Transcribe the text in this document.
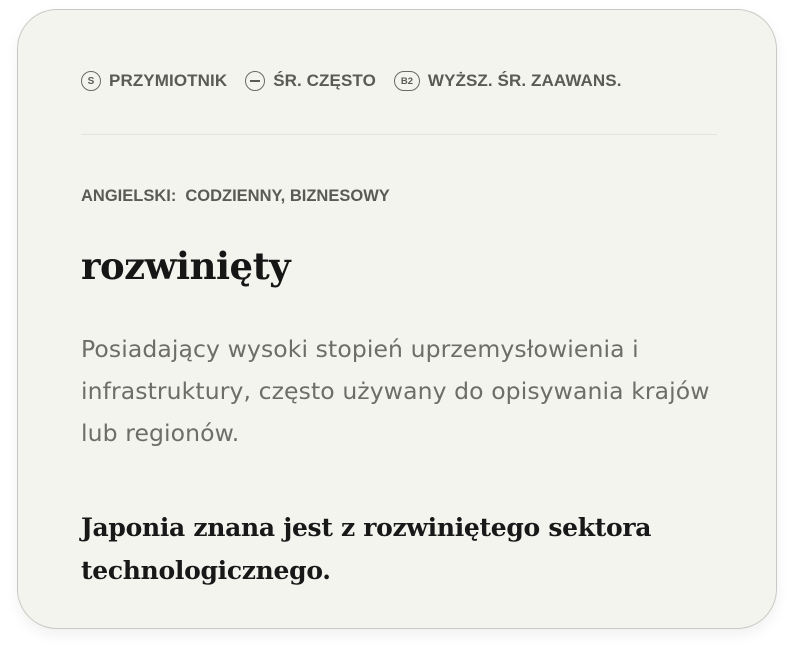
S PRZYMIOTNIK	ŚR. CZĘSTO	B2 WYŻSZ. ŚR. ZAAWANS.
ANGIELSKI: CODZIENNY, BIZNESOWY
rozwinięty
Posiadający wysoki stopień uprzemysłowienia i infrastruktury, często używany do opisywania krajów lub regionów.
Japonia znana jest z rozwiniętego sektora technologicznego.
